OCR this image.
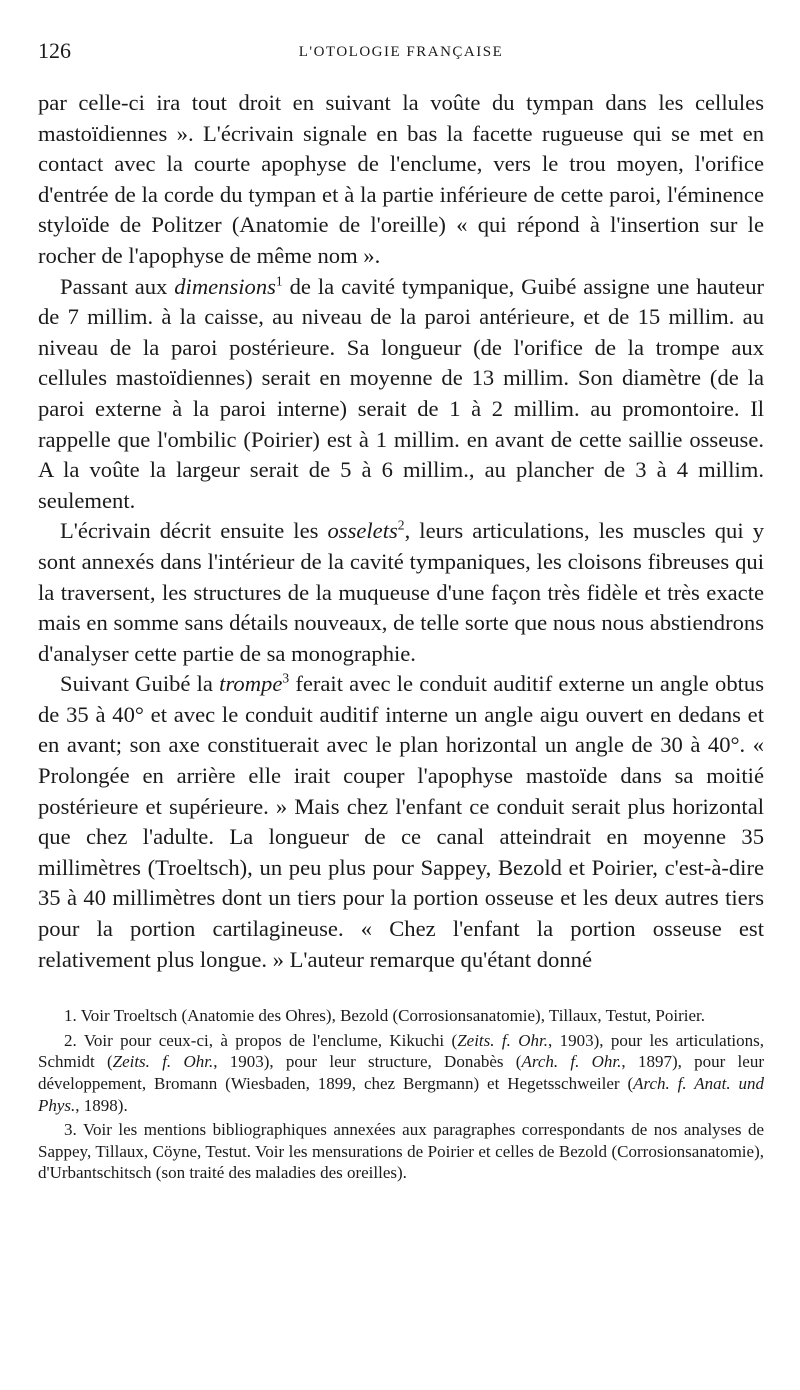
126	L'OTOLOGIE FRANÇAISE

par celle-ci ira tout droit en suivant la voûte du tympan dans les cellules mastoïdiennes ». L'écrivain signale en bas la facette rugueuse qui se met en contact avec la courte apophyse de l'enclume, vers le trou moyen, l'orifice d'entrée de la corde du tympan et à la partie inférieure de cette paroi, l'éminence styloïde de Politzer (Anatomie de l'oreille) « qui répond à l'insertion sur le rocher de l'apophyse de même nom ».

Passant aux dimensions$^1$ de la cavité tympanique, Guibé assigne une hauteur de 7 millim. à la caisse, au niveau de la paroi antérieure, et de 15 millim. au niveau de la paroi postérieure. Sa longueur (de l'orifice de la trompe aux cellules mastoïdiennes) serait en moyenne de 13 millim. Son diamètre (de la paroi externe à la paroi interne) serait de 1 à 2 millim. au promontoire. Il rappelle que l'ombilic (Poirier) est à 1 millim. en avant de cette saillie osseuse. A la voûte la largeur serait de 5 à 6 millim., au plancher de 3 à 4 millim. seulement.

L'écrivain décrit ensuite les osselets$^2$, leurs articulations, les muscles qui y sont annexés dans l'intérieur de la cavité tympaniques, les cloisons fibreuses qui la traversent, les structures de la muqueuse d'une façon très fidèle et très exacte mais en somme sans détails nouveaux, de telle sorte que nous nous abstiendrons d'analyser cette partie de sa monographie.

Suivant Guibé la trompe$^3$ ferait avec le conduit auditif externe un angle obtus de 35 à 40° et avec le conduit auditif interne un angle aigu ouvert en dedans et en avant; son axe constituerait avec le plan horizontal un angle de 30 à 40°. « Prolongée en arrière elle irait couper l'apophyse mastoïde dans sa moitié postérieure et supérieure. » Mais chez l'enfant ce conduit serait plus horizontal que chez l'adulte. La longueur de ce canal atteindrait en moyenne 35 millimètres (Troeltsch), un peu plus pour Sappey, Bezold et Poirier, c'est-à-dire 35 à 40 millimètres dont un tiers pour la portion osseuse et les deux autres tiers pour la portion cartilagineuse. « Chez l'enfant la portion osseuse est relativement plus longue. » L'auteur remarque qu'étant donné

1. Voir Troeltsch (Anatomie des Ohres), Bezold (Corrosionsanatomie), Tillaux, Testut, Poirier.

2. Voir pour ceux-ci, à propos de l'enclume, Kikuchi (Zeits. f. Ohr., 1903), pour les articulations, Schmidt (Zeits. f. Ohr., 1903), pour leur structure, Donabès (Arch. f. Ohr., 1897), pour leur développement, Bromann (Wiesbaden, 1899, chez Bergmann) et Hegetsschweiler (Arch. f. Anat. und Phys., 1898).

3. Voir les mentions bibliographiques annexées aux paragraphes correspondants de nos analyses de Sappey, Tillaux, Cöyne, Testut. Voir les mensurations de Poirier et celles de Bezold (Corrosionsanatomie), d'Urbantschitsch (son traité des maladies des oreilles).
